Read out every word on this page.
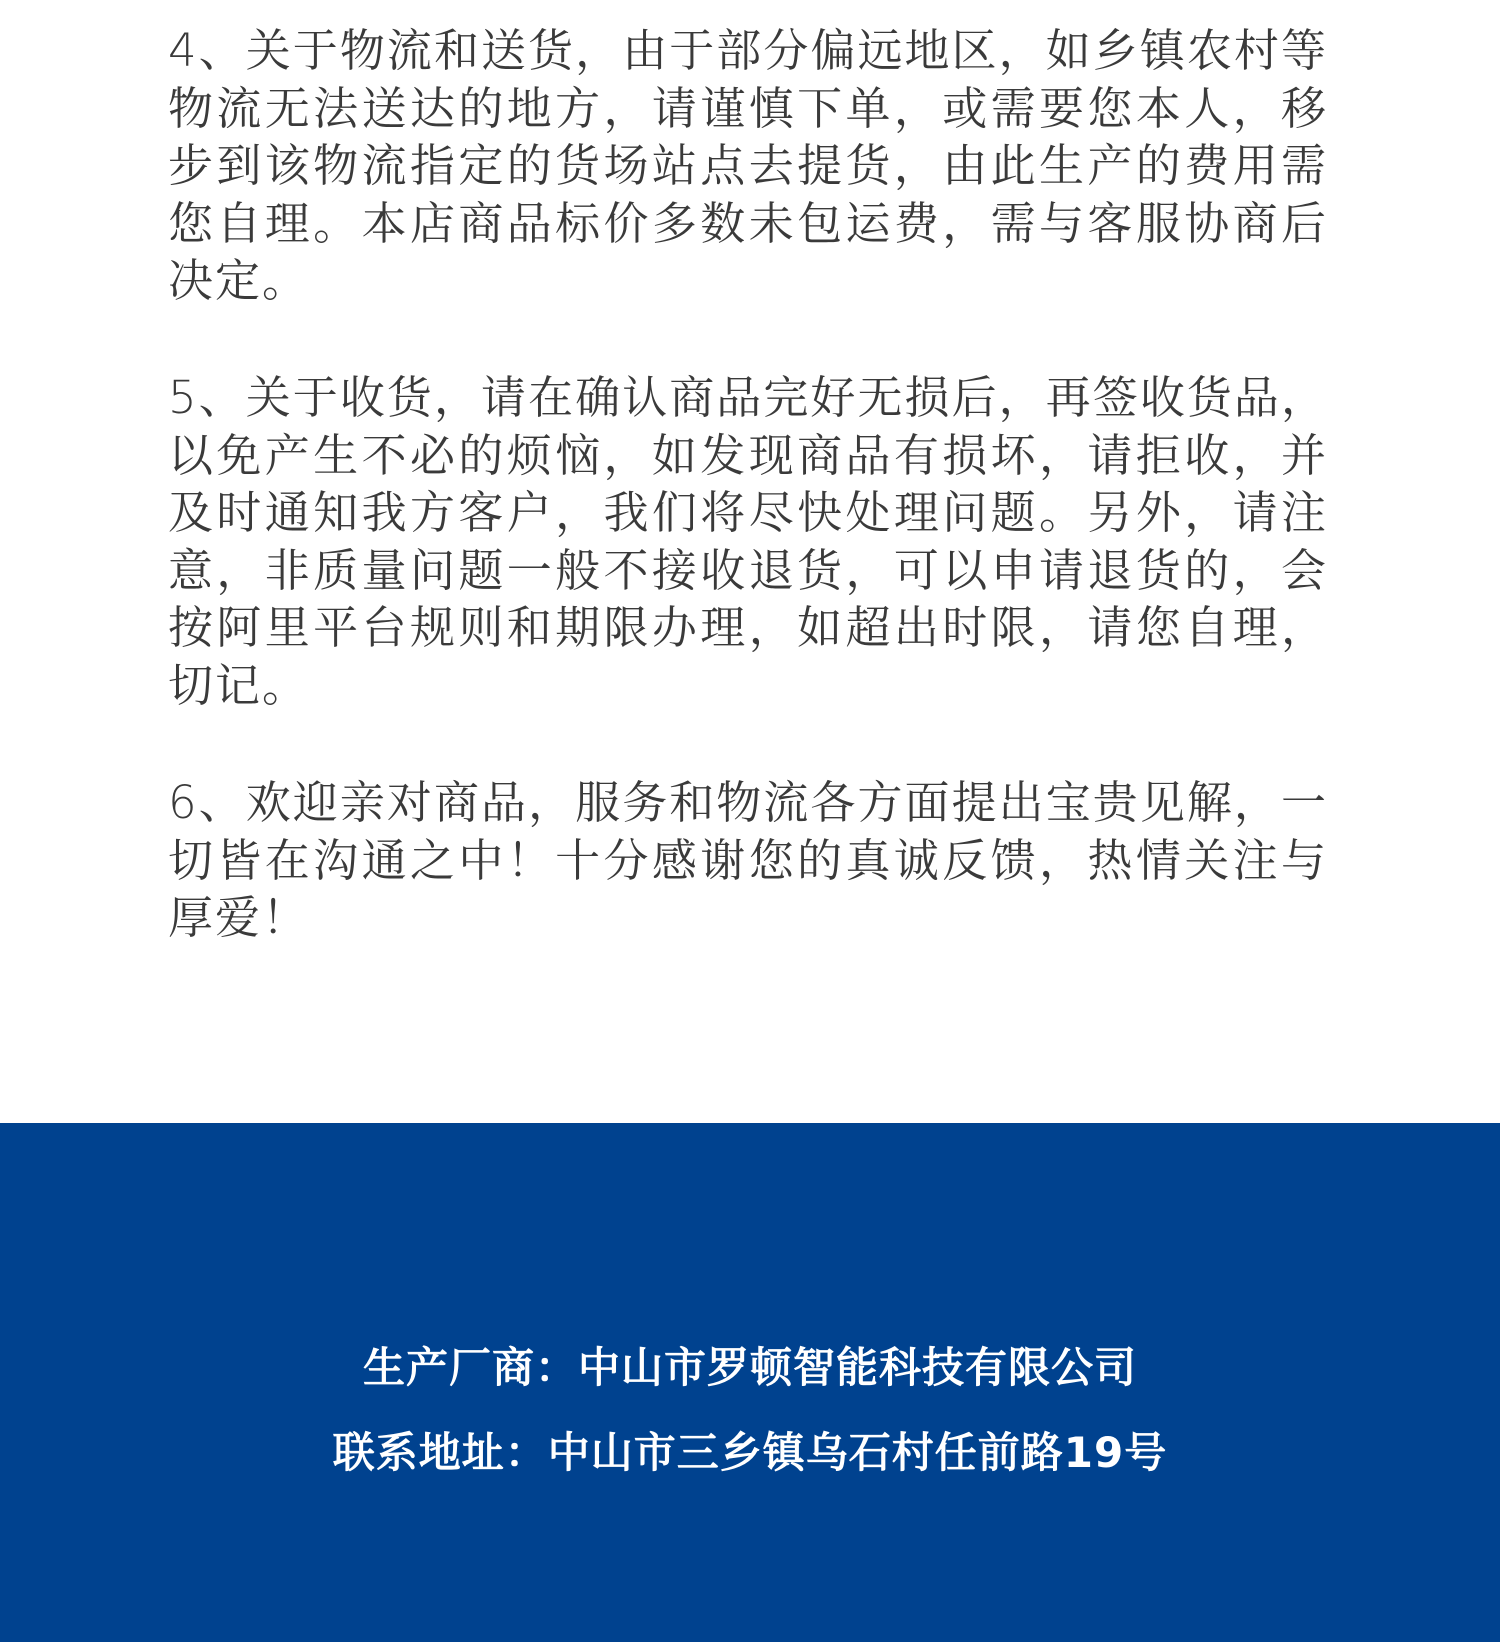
4、关于物流和送货，由于部分偏远地区，如乡镇农村等
物流无法送达的地方，请谨慎下单，或需要您本人，移
步到该物流指定的货场站点去提货，由此生产的费用需
您自理。本店商品标价多数未包运费，需与客服协商后
决定。
5、关于收货，请在确认商品完好无损后，再签收货品，
以免产生不必的烦恼，如发现商品有损坏，请拒收，并
及时通知我方客户，我们将尽快处理问题。另外，请注
意，非质量问题一般不接收退货，可以申请退货的，会
按阿里平台规则和期限办理，如超出时限，请您自理，
切记。
6、欢迎亲对商品，服务和物流各方面提出宝贵见解，一
切皆在沟通之中！十分感谢您的真诚反馈，热情关注与
厚爱！
生产厂商：中山市罗顿智能科技有限公司
联系地址：中山市三乡镇乌石村任前路19号
